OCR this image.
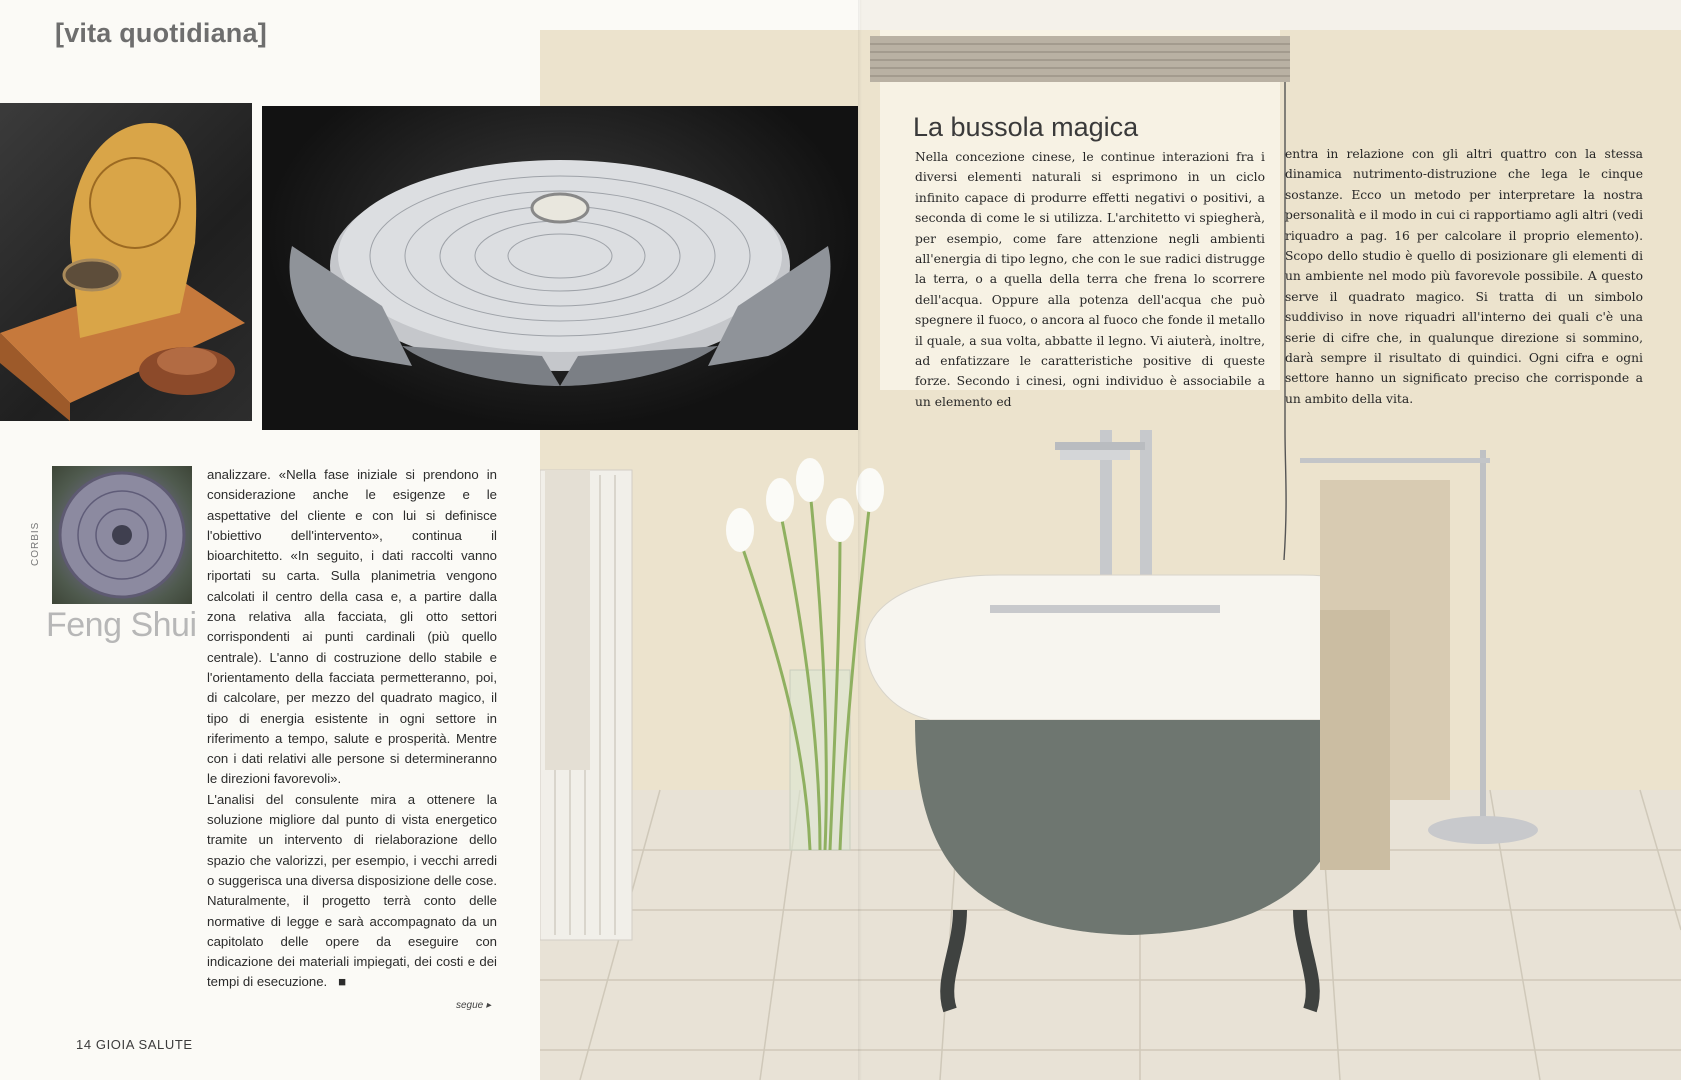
[vita quotidiana]
CORBIS
Feng Shui

analizzare. «Nella fase iniziale si prendono in considerazione anche le esigenze e le aspettative del cliente e con lui si definisce l'obiettivo dell'intervento», continua il bioarchitetto. «In seguito, i dati raccolti vanno riportati su carta. Sulla planimetria vengono calcolati il centro della casa e, a partire dalla zona relativa alla facciata, gli otto settori corrispondenti ai punti cardinali (più quello centrale). L'anno di costruzione dello stabile e l'orientamento della facciata permetteranno, poi, di calcolare, per mezzo del quadrato magico, il tipo di energia esistente in ogni settore in riferimento a tempo, salute e prosperità. Mentre con i dati relativi alle persone si determineranno le direzioni favorevoli».

L'analisi del consulente mira a ottenere la soluzione migliore dal punto di vista energetico tramite un intervento di rielaborazione dello spazio che valorizzi, per esempio, i vecchi arredi o suggerisca una diversa disposizione delle cose. Naturalmente, il progetto terrà conto delle normative di legge e sarà accompagnato da un capitolato delle opere da eseguire con indicazione dei materiali impiegati, dei costi e dei tempi di esecuzione. ■

segue ▸
14 GIOIA SALUTE
La bussola magica
Nella concezione cinese, le continue interazioni fra i diversi elementi naturali si esprimono in un ciclo infinito capace di produrre effetti negativi o positivi, a seconda di come le si utilizza. L'architetto vi spiegherà, per esempio, come fare attenzione negli ambienti all'energia di tipo legno, che con le sue radici distrugge la terra, o a quella della terra che frena lo scorrere dell'acqua. Oppure alla potenza dell'acqua che può spegnere il fuoco, o ancora al fuoco che fonde il metallo il quale, a sua volta, abbatte il legno. Vi aiuterà, inoltre, ad enfatizzare le caratteristiche positive di queste forze. Secondo i cinesi, ogni individuo è associabile a un elemento ed
entra in relazione con gli altri quattro con la stessa dinamica nutrimento-distruzione che lega le cinque sostanze. Ecco un metodo per interpretare la nostra personalità e il modo in cui ci rapportiamo agli altri (vedi riquadro a pag. 16 per calcolare il proprio elemento). Scopo dello studio è quello di posizionare gli elementi di un ambiente nel modo più favorevole possibile. A questo serve il quadrato magico. Si tratta di un simbolo suddiviso in nove riquadri all'interno dei quali c'è una serie di cifre che, in qualunque direzione si sommino, darà sempre il risultato di quindici. Ogni cifra e ogni settore hanno un significato preciso che corrisponde a un ambito della vita.
